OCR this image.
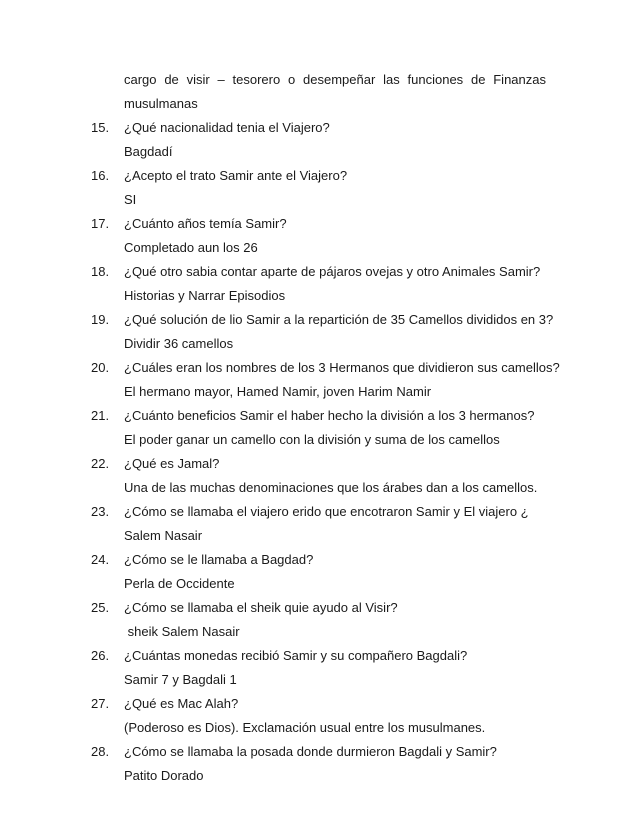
cargo de visir – tesorero o desempeñar las funciones de Finanzas
musulmanas
15.	¿Qué nacionalidad tenia el Viajero?
Bagdadí
16.	¿Acepto el trato Samir ante el Viajero?
SI
17.	¿Cuánto años temía Samir?
Completado aun los 26
18.	¿Qué otro sabia contar aparte de pájaros ovejas y otro Animales Samir?
Historias y Narrar Episodios
19.	¿Qué solución de lio Samir a la repartición de 35 Camellos divididos en 3?
Dividir 36 camellos
20.	¿Cuáles eran los nombres de los 3 Hermanos que dividieron sus camellos?
El hermano mayor, Hamed Namir, joven Harim Namir
21.	¿Cuánto beneficios Samir el haber hecho la división a los 3 hermanos?
El poder ganar un camello con la división y suma de los camellos
22.	¿Qué es Jamal?
Una de las muchas denominaciones que los árabes dan a los camellos.
23.	¿Cómo se llamaba el viajero erido que encotraron Samir y El viajero ¿
Salem Nasair
24.	¿Cómo se le llamaba a Bagdad?
Perla de Occidente
25.	¿Cómo se llamaba el sheik quie ayudo al Visir?
sheik Salem Nasair
26.	¿Cuántas monedas recibió Samir y su compañero Bagdali?
Samir 7 y Bagdali 1
27.	¿Qué es Mac Alah?
(Poderoso es Dios). Exclamación usual entre los musulmanes.
28.	¿Cómo se llamaba la posada donde durmieron Bagdali y Samir?
Patito Dorado
